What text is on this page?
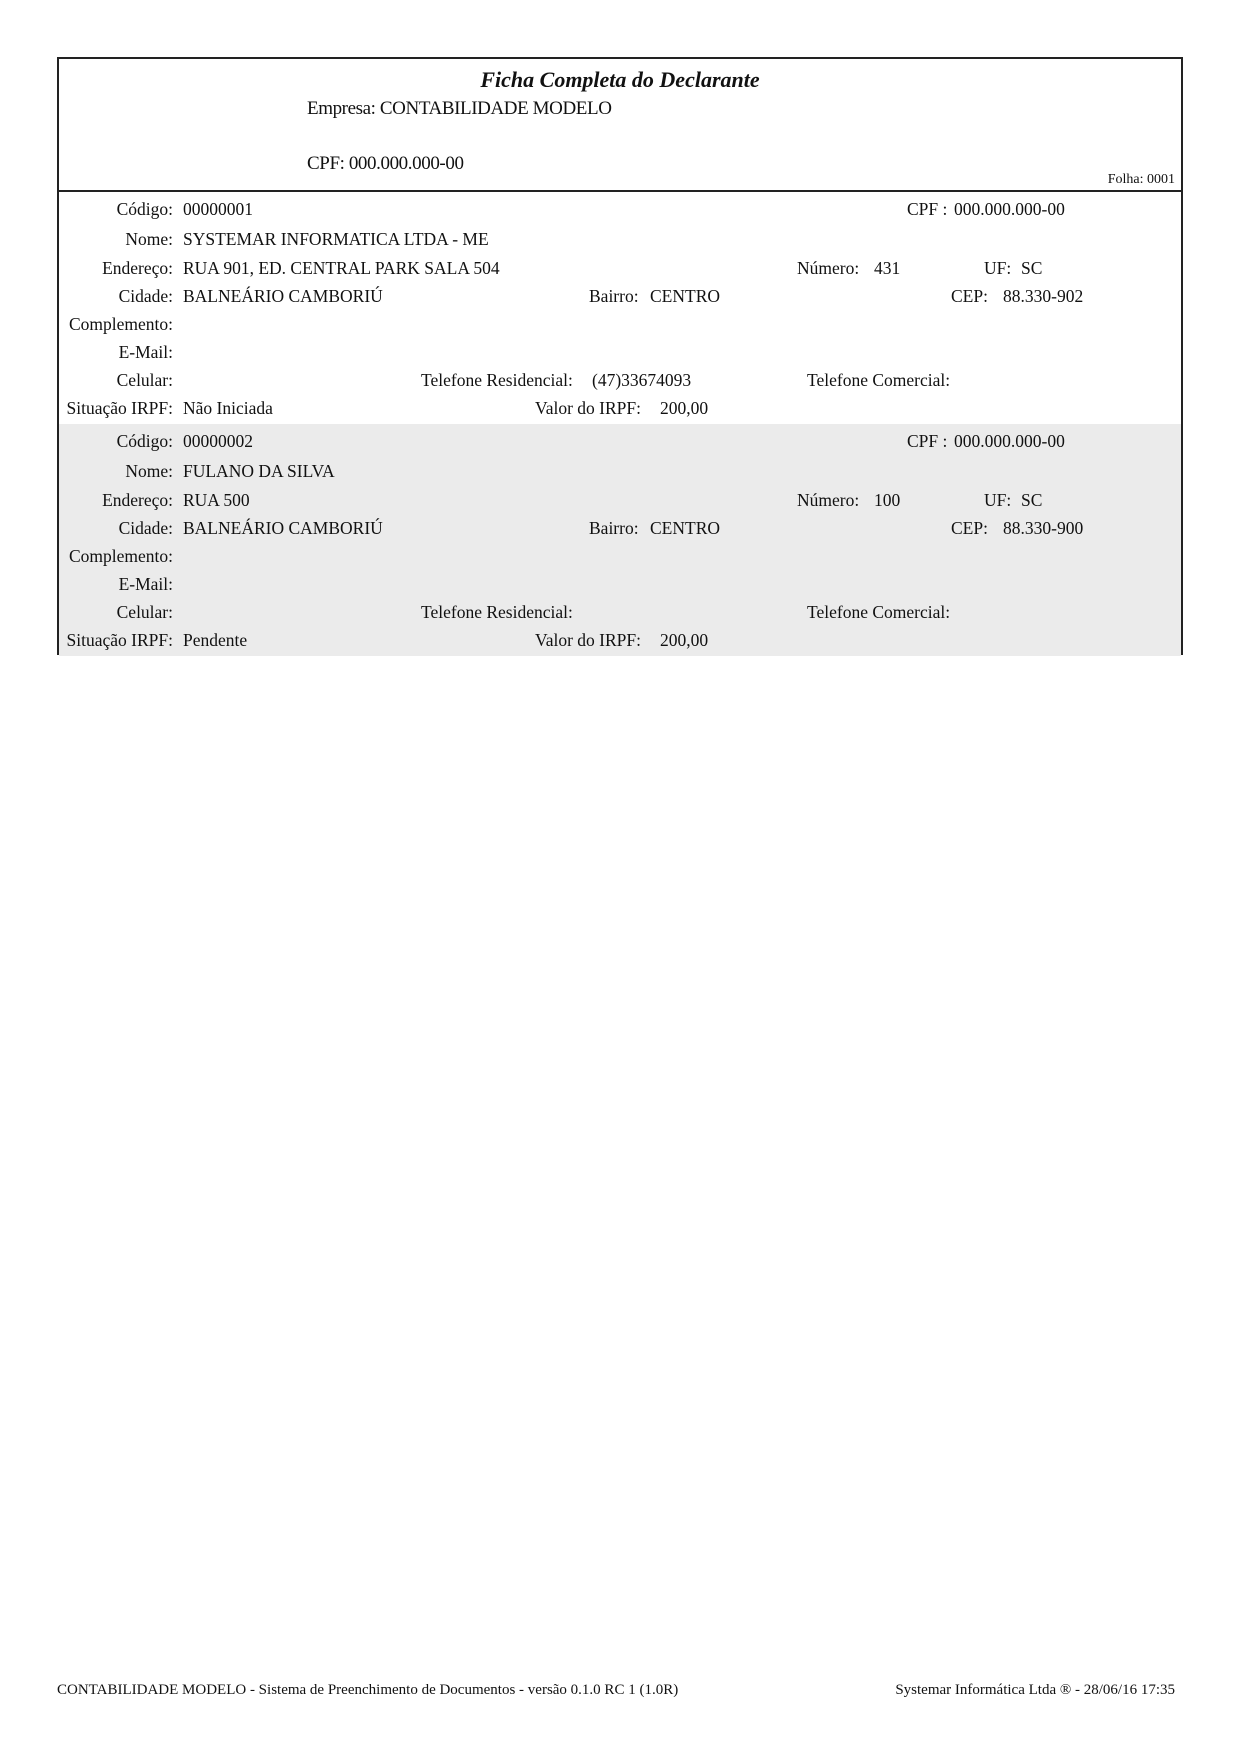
Ficha Completa do Declarante
Empresa: CONTABILIDADE MODELO
CPF: 000.000.000-00
Folha: 0001
Código: 00000001	CPF : 000.000.000-00
Nome: SYSTEMAR INFORMATICA LTDA - ME
Endereço: RUA 901, ED. CENTRAL PARK SALA 504	Número: 431	UF: SC
Cidade: BALNEÁRIO CAMBORIÚ	Bairro: CENTRO	CEP: 88.330-902
Complemento:
E-Mail:
Celular:	Telefone Residencial: (47)33674093	Telefone Comercial:
Situação IRPF: Não Iniciada	Valor do IRPF: 200,00
Código: 00000002	CPF : 000.000.000-00
Nome: FULANO DA SILVA
Endereço: RUA 500	Número: 100	UF: SC
Cidade: BALNEÁRIO CAMBORIÚ	Bairro: CENTRO	CEP: 88.330-900
Complemento:
E-Mail:
Celular:	Telefone Residencial:	Telefone Comercial:
Situação IRPF: Pendente	Valor do IRPF: 200,00
CONTABILIDADE MODELO - Sistema de Preenchimento de Documentos - versão 0.1.0 RC 1 (1.0R)	Systemar Informática Ltda ® - 28/06/16 17:35
